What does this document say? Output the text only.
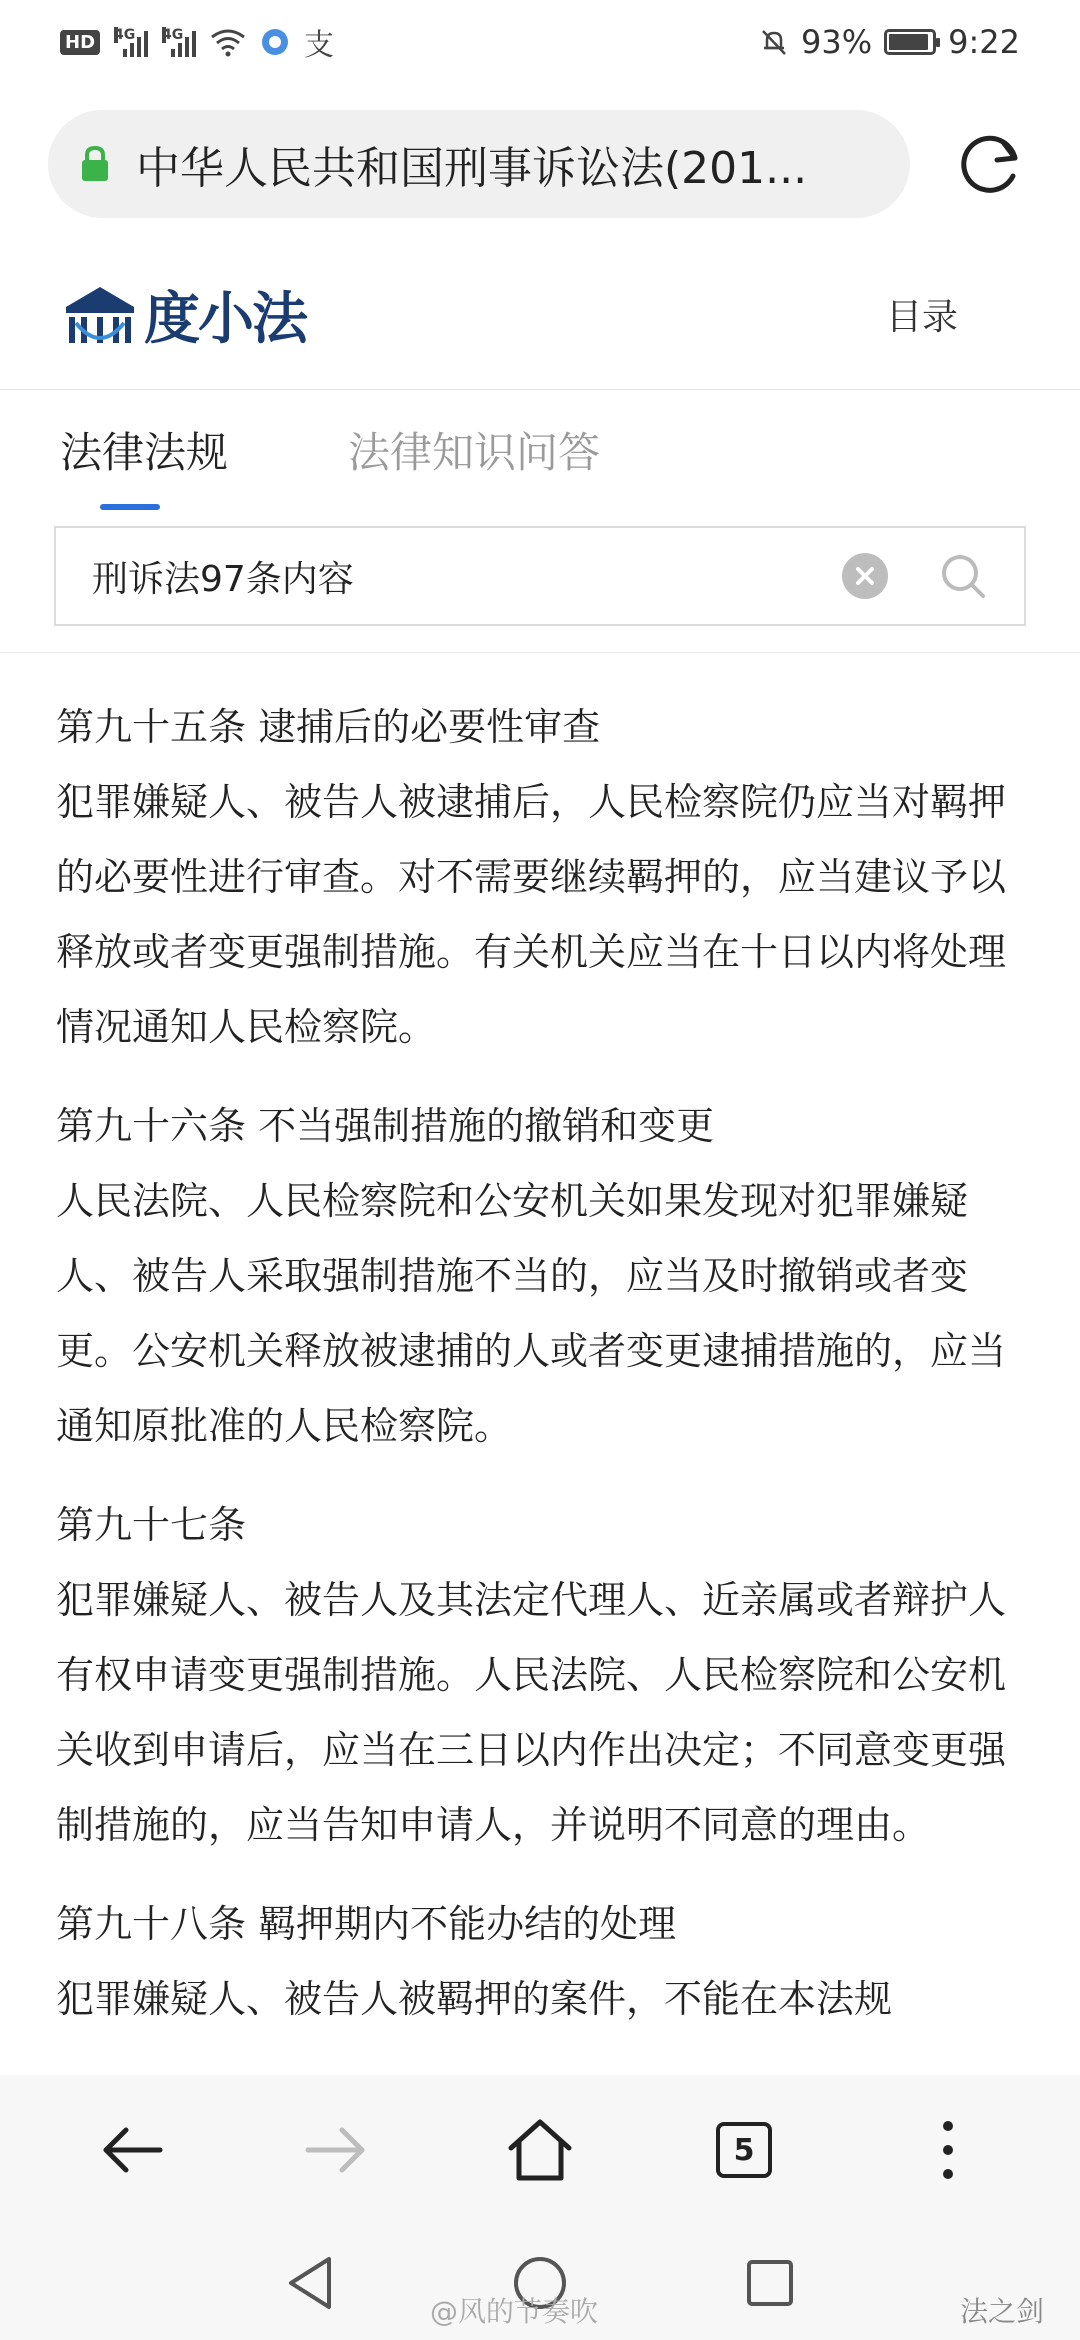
HD	4G 4G	支	93% 9:22
中华人民共和国刑事诉讼法(201...
度小法	目录
法律法规	法律知识问答
刑诉法97条内容
第九十五条 逮捕后的必要性审查
犯罪嫌疑人、被告人被逮捕后，人民检察院仍应当对羁押的必要性进行审查。对不需要继续羁押的，应当建议予以释放或者变更强制措施。有关机关应当在十日以内将处理情况通知人民检察院。
第九十六条 不当强制措施的撤销和变更
人民法院、人民检察院和公安机关如果发现对犯罪嫌疑人、被告人采取强制措施不当的，应当及时撤销或者变更。公安机关释放被逮捕的人或者变更逮捕措施的，应当通知原批准的人民检察院。
第九十七条
犯罪嫌疑人、被告人及其法定代理人、近亲属或者辩护人有权申请变更强制措施。人民法院、人民检察院和公安机关收到申请后，应当在三日以内作出决定；不同意变更强制措施的，应当告知申请人，并说明不同意的理由。
第九十八条 羁押期内不能办结的处理
犯罪嫌疑人、被告人被羁押的案件，不能在本法规
5
@风的节奏吹	法之剑
